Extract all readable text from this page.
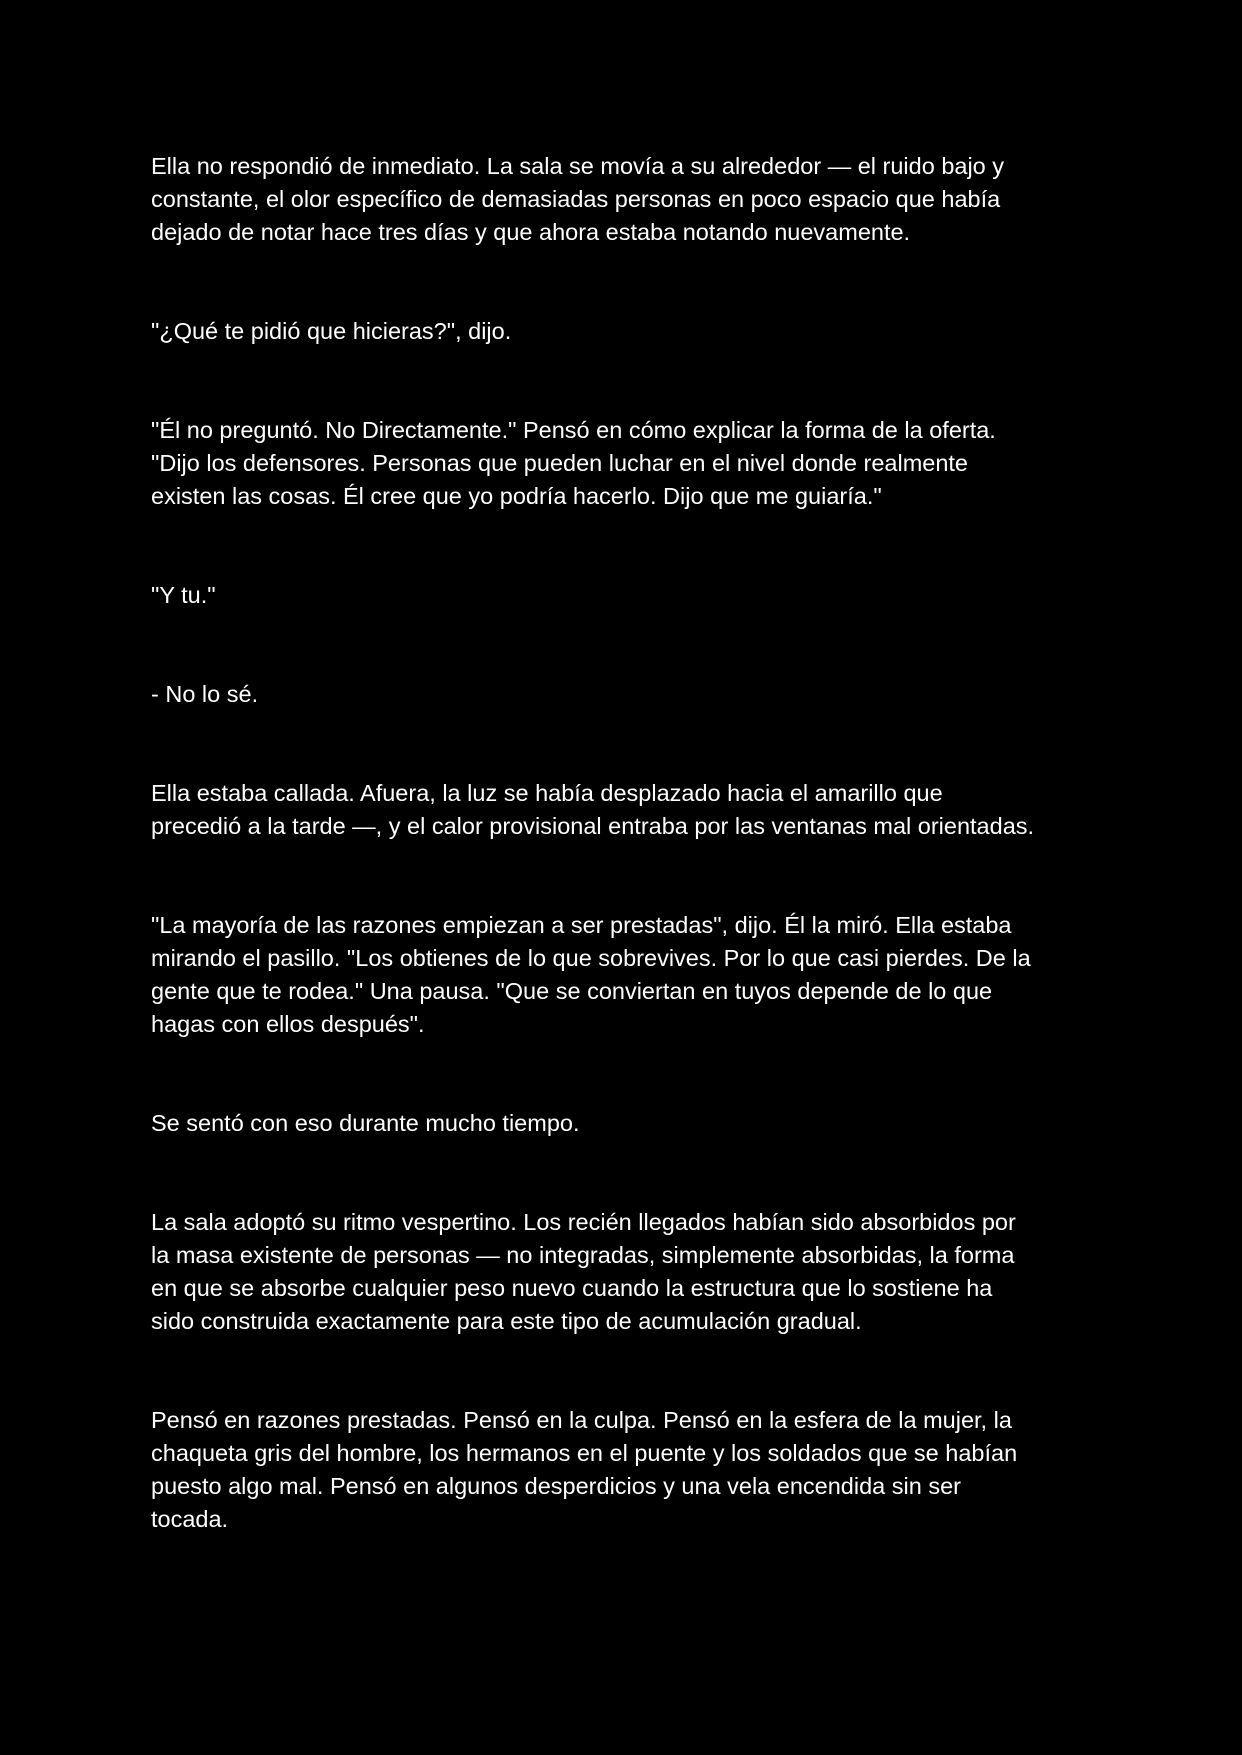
Ella no respondió de inmediato. La sala se movía a su alrededor — el ruido bajo y
constante, el olor específico de demasiadas personas en poco espacio que había
dejado de notar hace tres días y que ahora estaba notando nuevamente.

"¿Qué te pidió que hicieras?", dijo.

"Él no preguntó. No Directamente." Pensó en cómo explicar la forma de la oferta.
"Dijo los defensores. Personas que pueden luchar en el nivel donde realmente
existen las cosas. Él cree que yo podría hacerlo. Dijo que me guiaría."

"Y tu."

- No lo sé.

Ella estaba callada. Afuera, la luz se había desplazado hacia el amarillo que
precedió a la tarde —, y el calor provisional entraba por las ventanas mal orientadas.

"La mayoría de las razones empiezan a ser prestadas", dijo. Él la miró. Ella estaba
mirando el pasillo. "Los obtienes de lo que sobrevives. Por lo que casi pierdes. De la
gente que te rodea." Una pausa. "Que se conviertan en tuyos depende de lo que
hagas con ellos después".

Se sentó con eso durante mucho tiempo.

La sala adoptó su ritmo vespertino. Los recién llegados habían sido absorbidos por
la masa existente de personas — no integradas, simplemente absorbidas, la forma
en que se absorbe cualquier peso nuevo cuando la estructura que lo sostiene ha
sido construida exactamente para este tipo de acumulación gradual.

Pensó en razones prestadas. Pensó en la culpa. Pensó en la esfera de la mujer, la
chaqueta gris del hombre, los hermanos en el puente y los soldados que se habían
puesto algo mal. Pensó en algunos desperdicios y una vela encendida sin ser
tocada.
